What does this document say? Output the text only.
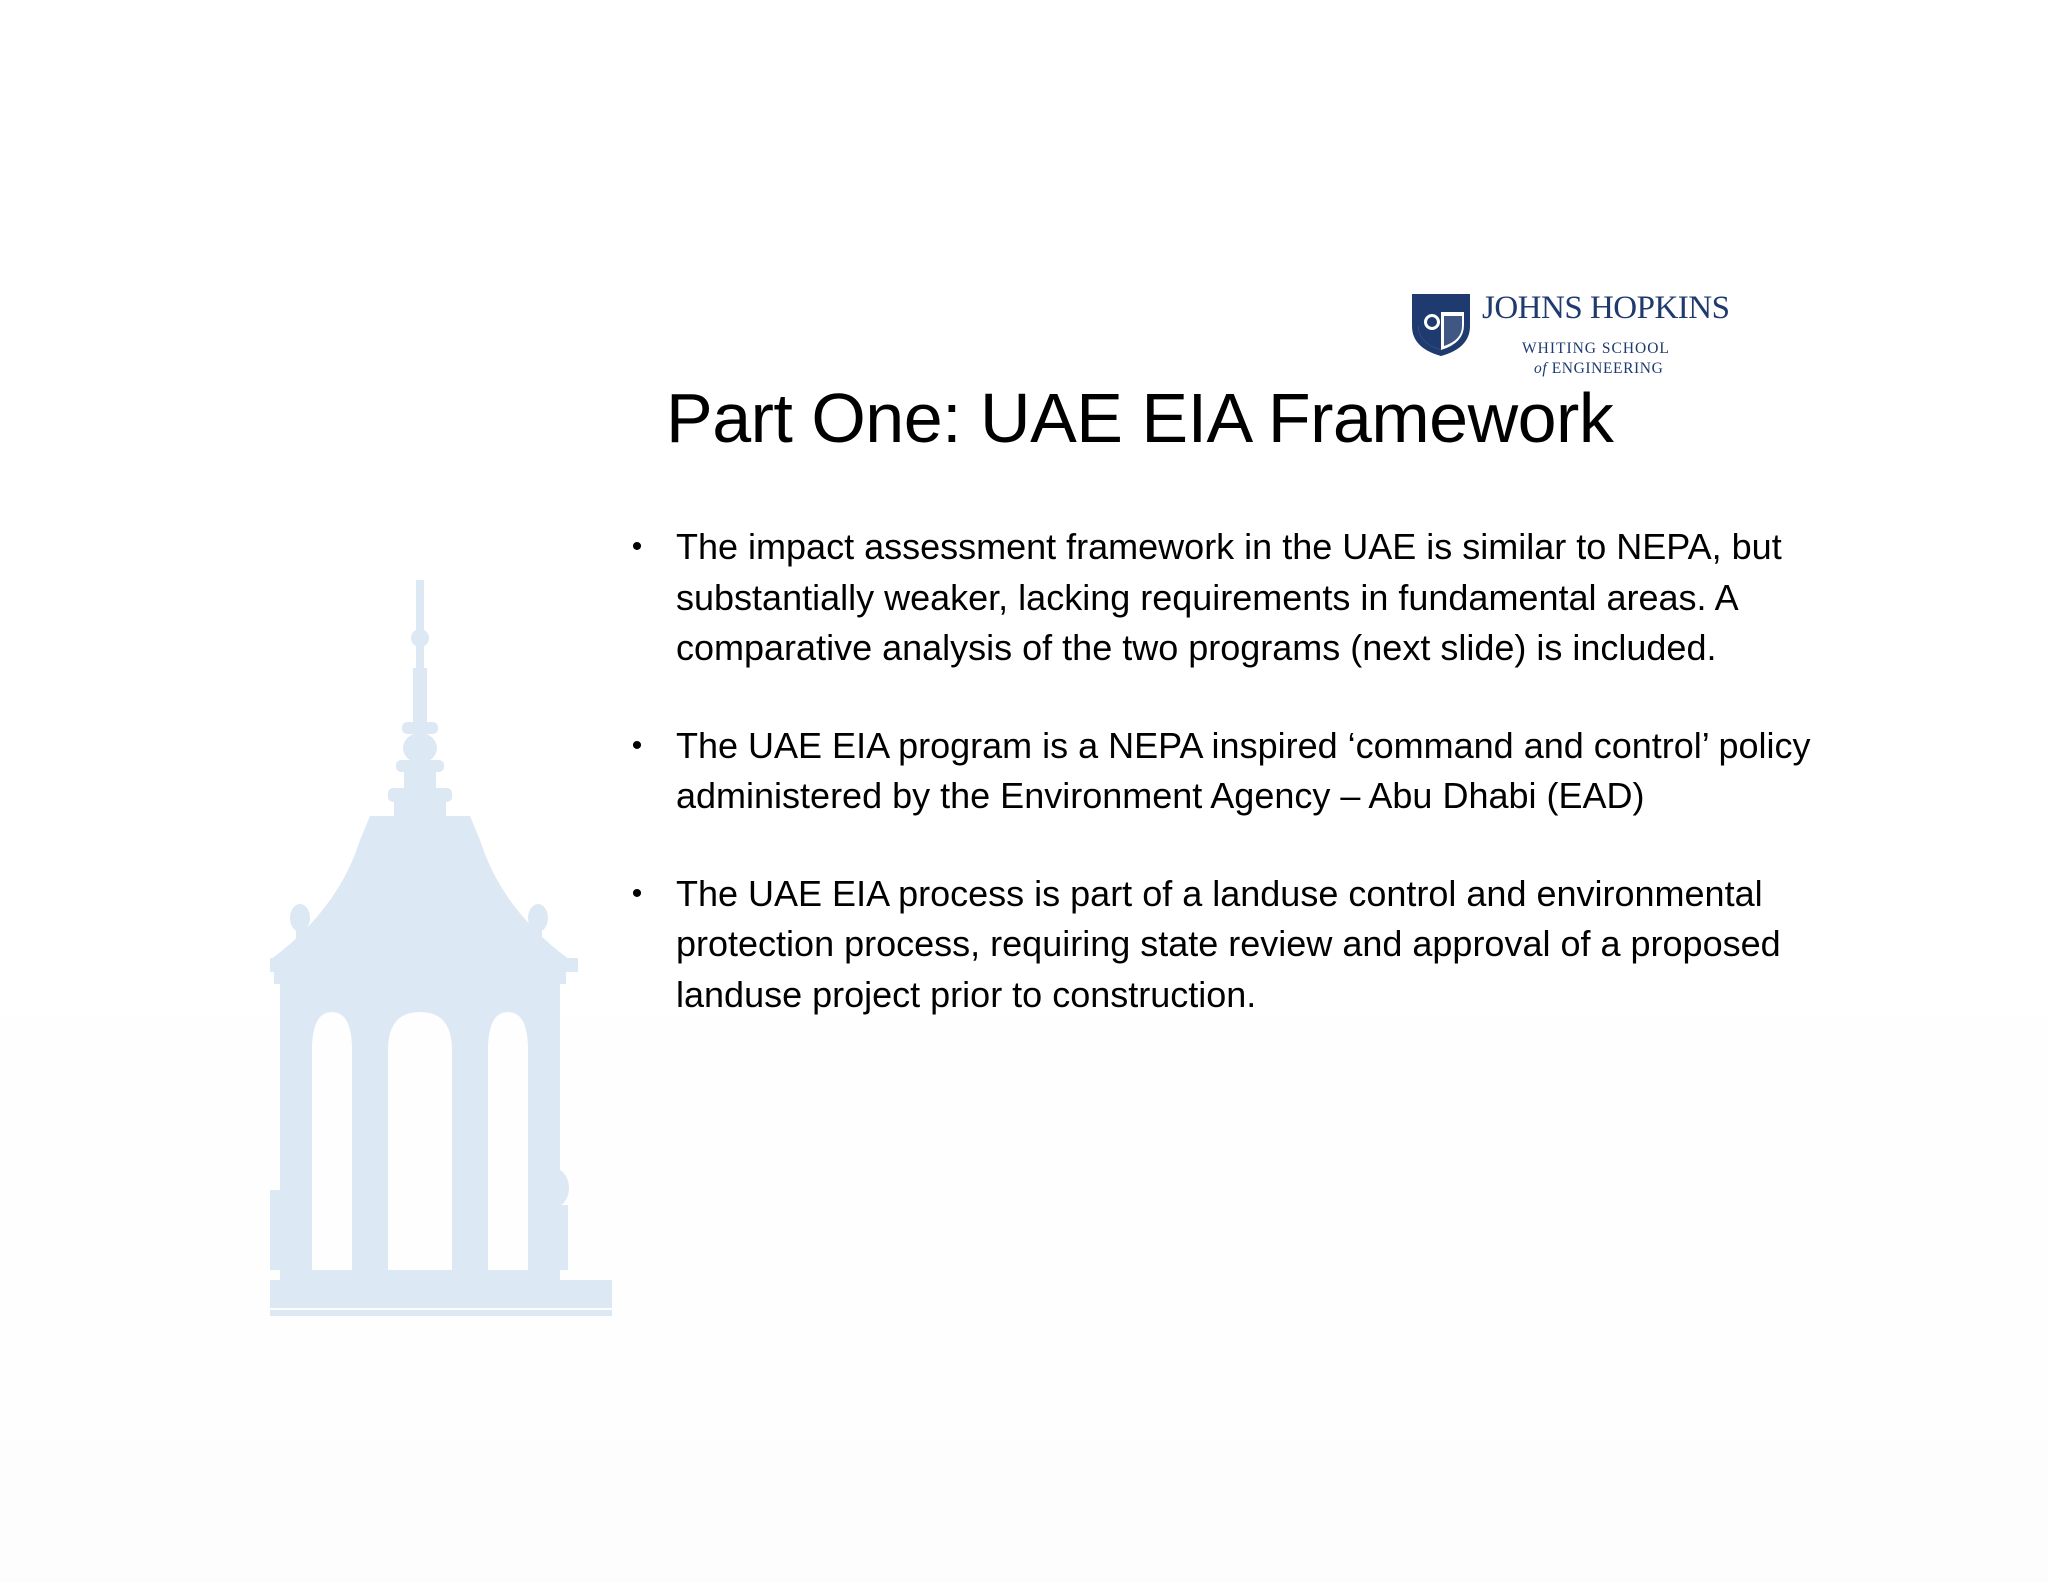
JOHNS HOPKINS
WHITING SCHOOL
of ENGINEERING
Part One: UAE EIA Framework
• The impact assessment framework in the UAE is similar to NEPA, but substantially weaker, lacking requirements in fundamental areas. A comparative analysis of the two programs (next slide) is included.
• The UAE EIA program is a NEPA inspired ‘command and control’ policy administered by the Environment Agency – Abu Dhabi (EAD)
• The UAE EIA process is part of a landuse control and environmental protection process, requiring state review and approval of a proposed landuse project prior to construction.
